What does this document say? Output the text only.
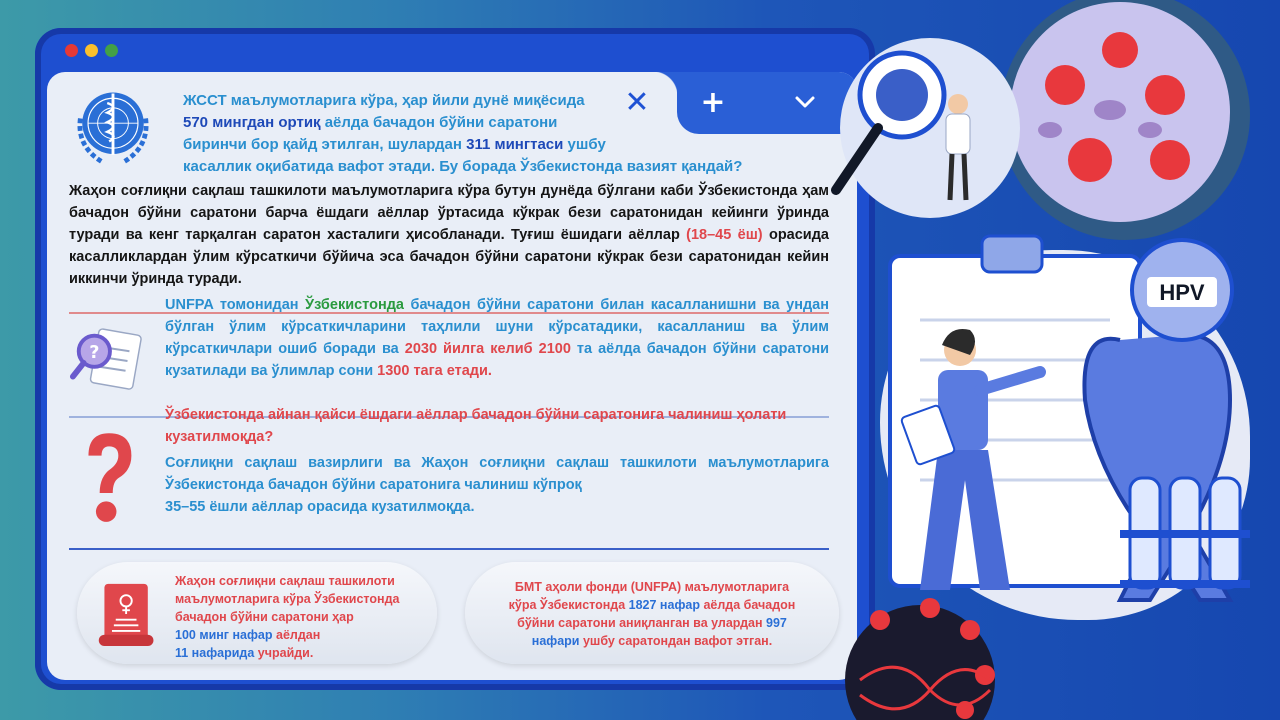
✕ +
ЖССТ маълумотларига кўра, ҳар йили дунё миқёсида
570 мингдан ортиқ аёлда бачадон бўйни саратони
биринчи бор қайд этилган, шулардан 311 мингтаси ушбу
касаллик оқибатида вафот этади. Бу борада Ўзбекистонда вазият қандай?
Жаҳон соғлиқни сақлаш ташкилоти маълумотларига кўра бутун дунёда бўлгани каби Ўзбекистонда ҳам бачадон бўйни саратони барча ёшдаги аёллар ўртасида кўкрак бези саратонидан кейинги ўринда туради ва кенг тарқалган саратон хасталиги ҳисобланади. Туғиш ёшидаги аёллар (18–45 ёш) орасида касалликлардан ўлим кўрсаткичи бўйича эса бачадон бўйни саратони кўкрак бези саратонидан кейин иккинчи ўринда туради.
?
UNFPA томонидан Ўзбекистонда бачадон бўйни саратони билан касалланишни ва ундан бўлган ўлим кўрсаткичларини таҳлили шуни кўрсатадики, касалланиш ва ўлим кўрсаткичлари ошиб боради ва 2030 йилга келиб 2100 та аёлда бачадон бўйни саратони кузатилади ва ўлимлар сони 1300 тага етади.
Ўзбекистонда айнан қайси ёшдаги аёллар бачадон бўйни саратонига чалиниш ҳолати кузатилмоқда?
Соғлиқни сақлаш вазирлиги ва Жаҳон соғлиқни сақлаш ташкилоти маълумотларига Ўзбекистонда бачадон бўйни саратонига чалиниш кўпроқ
35–55 ёшли аёллар орасида кузатилмоқда.
Жаҳон соғлиқни сақлаш ташкилоти
маълумотларига кўра Ўзбекистонда
бачадон бўйни саратони ҳар
100 минг нафар аёлдан
11 нафарида учрайди.
БМТ аҳоли фонди (UNFPA) маълумотларига
кўра Ўзбекистонда 1827 нафар аёлда бачадон
бўйни саратони аниқланган ва улардан 997
нафари ушбу саратондан вафот этган.
HPV
